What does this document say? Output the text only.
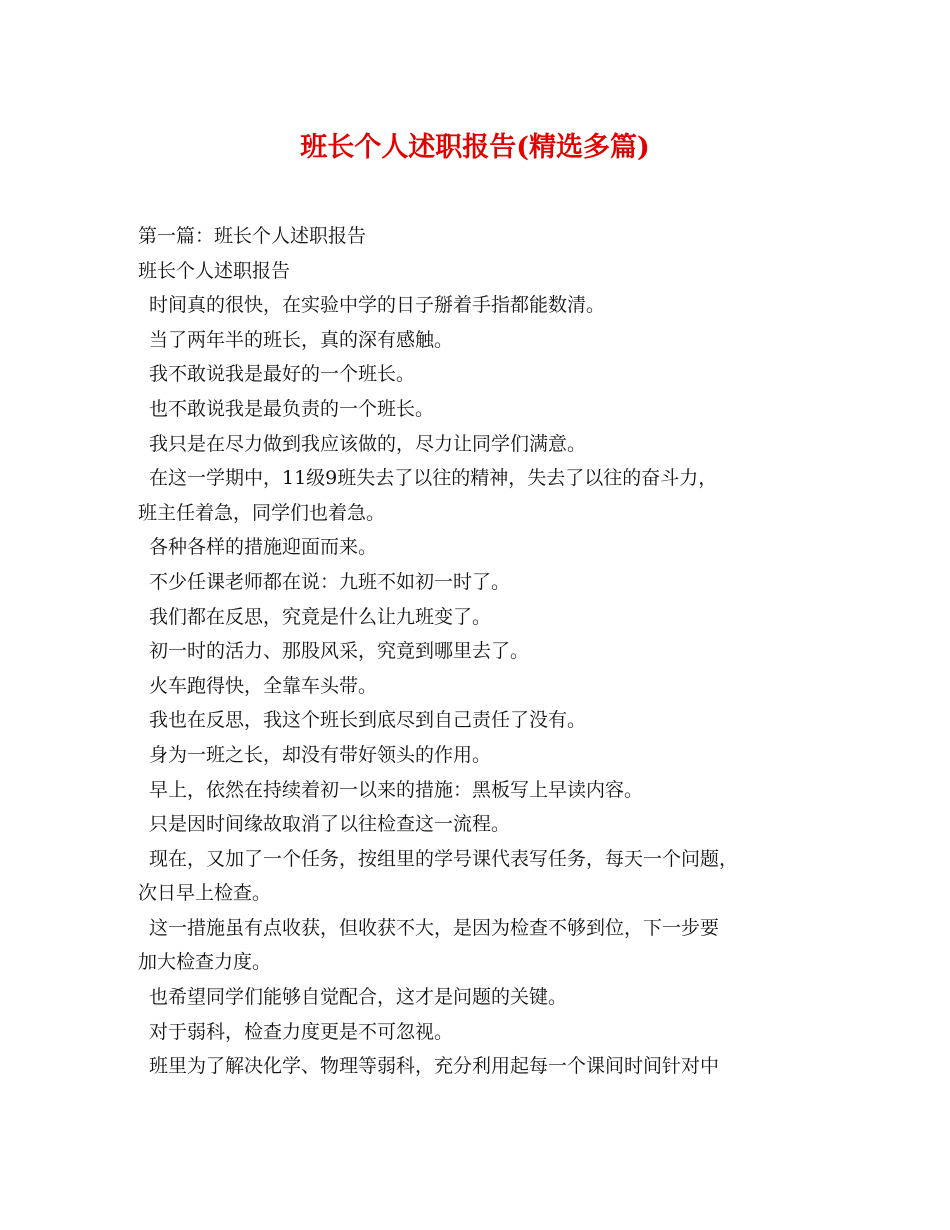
班长个人述职报告(精选多篇)
第一篇：班长个人述职报告
班长个人述职报告
时间真的很快，在实验中学的日子掰着手指都能数清。
当了两年半的班长，真的深有感触。
我不敢说我是最好的一个班长。
也不敢说我是最负责的一个班长。
我只是在尽力做到我应该做的，尽力让同学们满意。
在这一学期中，11级9班失去了以往的精神，失去了以往的奋斗力，
班主任着急，同学们也着急。
各种各样的措施迎面而来。
不少任课老师都在说：九班不如初一时了。
我们都在反思，究竟是什么让九班变了。
初一时的活力、那股风采，究竟到哪里去了。
火车跑得快，全靠车头带。
我也在反思，我这个班长到底尽到自己责任了没有。
身为一班之长，却没有带好领头的作用。
早上，依然在持续着初一以来的措施：黑板写上早读内容。
只是因时间缘故取消了以往检查这一流程。
现在，又加了一个任务，按组里的学号课代表写任务，每天一个问题，
次日早上检查。
这一措施虽有点收获，但收获不大，是因为检查不够到位，下一步要
加大检查力度。
也希望同学们能够自觉配合，这才是问题的关键。
对于弱科，检查力度更是不可忽视。
班里为了解决化学、物理等弱科，充分利用起每一个课间时间针对中
